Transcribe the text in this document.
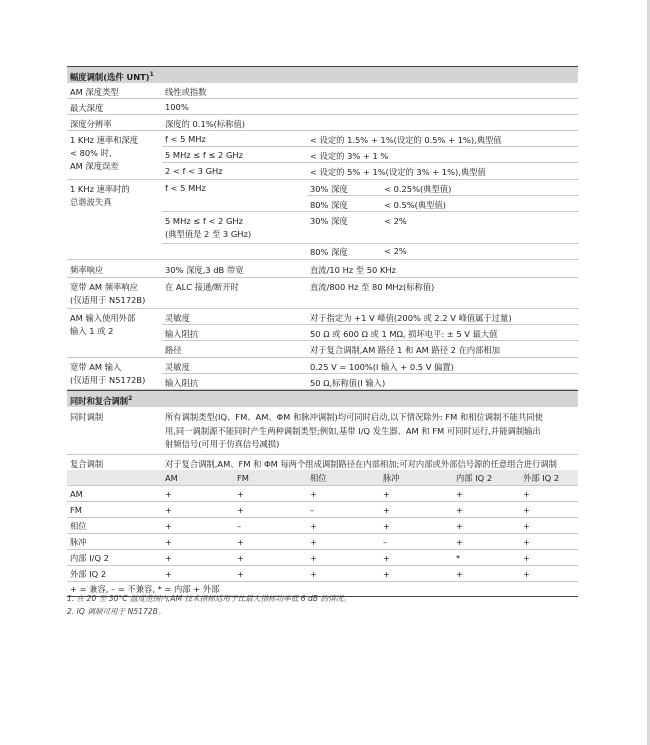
幅度调制(选件 UNT)$^1$
AM 深度类型	线性或指数
最大深度	100%
深度分辨率	深度的 0.1%(标称值)
1 KHz 速率和深度
< 80% 时,
AM 深度误差
f < 5 MHz	< 设定的 1.5% + 1%(设定的 0.5% + 1%),典型值
5 MHz ≤ f ≤ 2 GHz	< 设定的 3% + 1 %
2 < f < 3 GHz	< 设定的 5% + 1%(设定的 3% + 1%),典型值
1 KHz 速率时的
总谐波失真
f < 5 MHz	30% 深度	< 0.25%(典型值)
80% 深度	< 0.5%(典型值)
5 MHz ≤ f < 2 GHz
(典型值是 2 至 3 GHz)
30% 深度	< 2%
80% 深度	< 2%
频率响应	30% 深度,3 dB 带宽	直流/10 Hz 至 50 KHz
宽带 AM 频率响应
(仅适用于 N5172B)
在 ALC 接通/断开时	直流/800 Hz 至 80 MHz(标称值)
AM 输入使用外部
输入 1 或 2
灵敏度	对于指定为 +1 V 峰值(200% 或 2.2 V 峰值属于过量)
输入阻抗	50 Ω 或 600 Ω 或 1 MΩ, 损坏电平: ± 5 V 最大值
路径	对于复合调制,AM 路径 1 和 AM 路径 2 在内部相加
宽带 AM 输入
(仅适用于 N5172B)
灵敏度	0.25 V = 100%(I 输入 + 0.5 V 偏置)
输入阻抗	50 Ω,标称值(I 输入)
同时和复合调制$^2$
同时调制	所有调制类型(IQ、FM、AM、ΦM 和脉冲调制)均可同时启动,以下情况除外: FM 和相位调制不能共同使
用,同一调制源不能同时产生两种调制类型;例如,基带 I/Q 发生器、AM 和 FM 可同时运行,并能调制输出
射频信号(可用于仿真信号减损)
复合调制	对于复合调制,AM、FM 和 ΦM 每两个组成调制路径在内部相加;可对内部或外部信号源的任意组合进行调制
	AM	FM	相位	脉冲	内部 IQ 2	外部 IQ 2
AM	+	+	+	+	+	+
FM	+	+	–	+	+	+
相位	+	–	+	+	+	+
脉冲	+	+	+	–	+	+
内部 I/Q 2	+	+	+	+	*	+
外部 IQ 2	+	+	+	+	+	+
+ = 兼容, – = 不兼容, * = 内部 + 外部
1. 在 20 至 30°C 温度范围内,AM 技术指标适用于比最大指标功率低 6 dB 的情况。
2. IQ 调制可用于 N5172B。
